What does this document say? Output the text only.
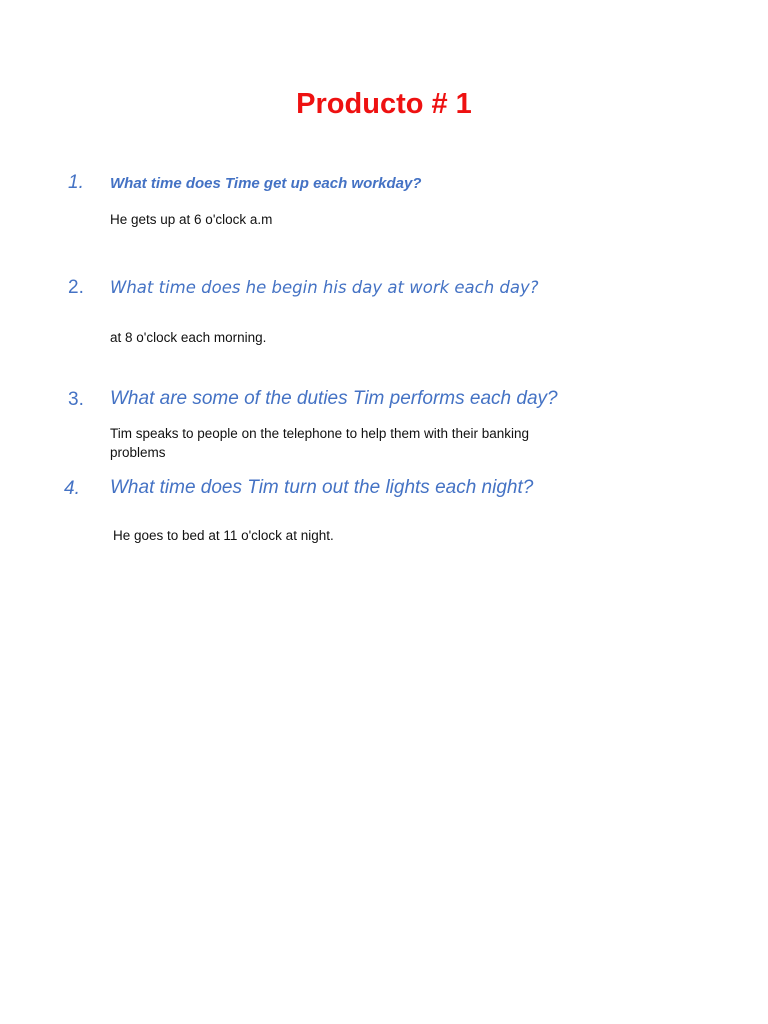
Producto # 1
1. What time does Time get up each workday?
He gets up at 6 o'clock a.m
2. What time does he begin his day at work each day?
at 8 o'clock each morning.
3. What are some of the duties Tim performs each day?
Tim speaks to people on the telephone to help them with their banking
problems
4. What time does Tim turn out the lights each night?
He goes to bed at 11 o'clock at night.
